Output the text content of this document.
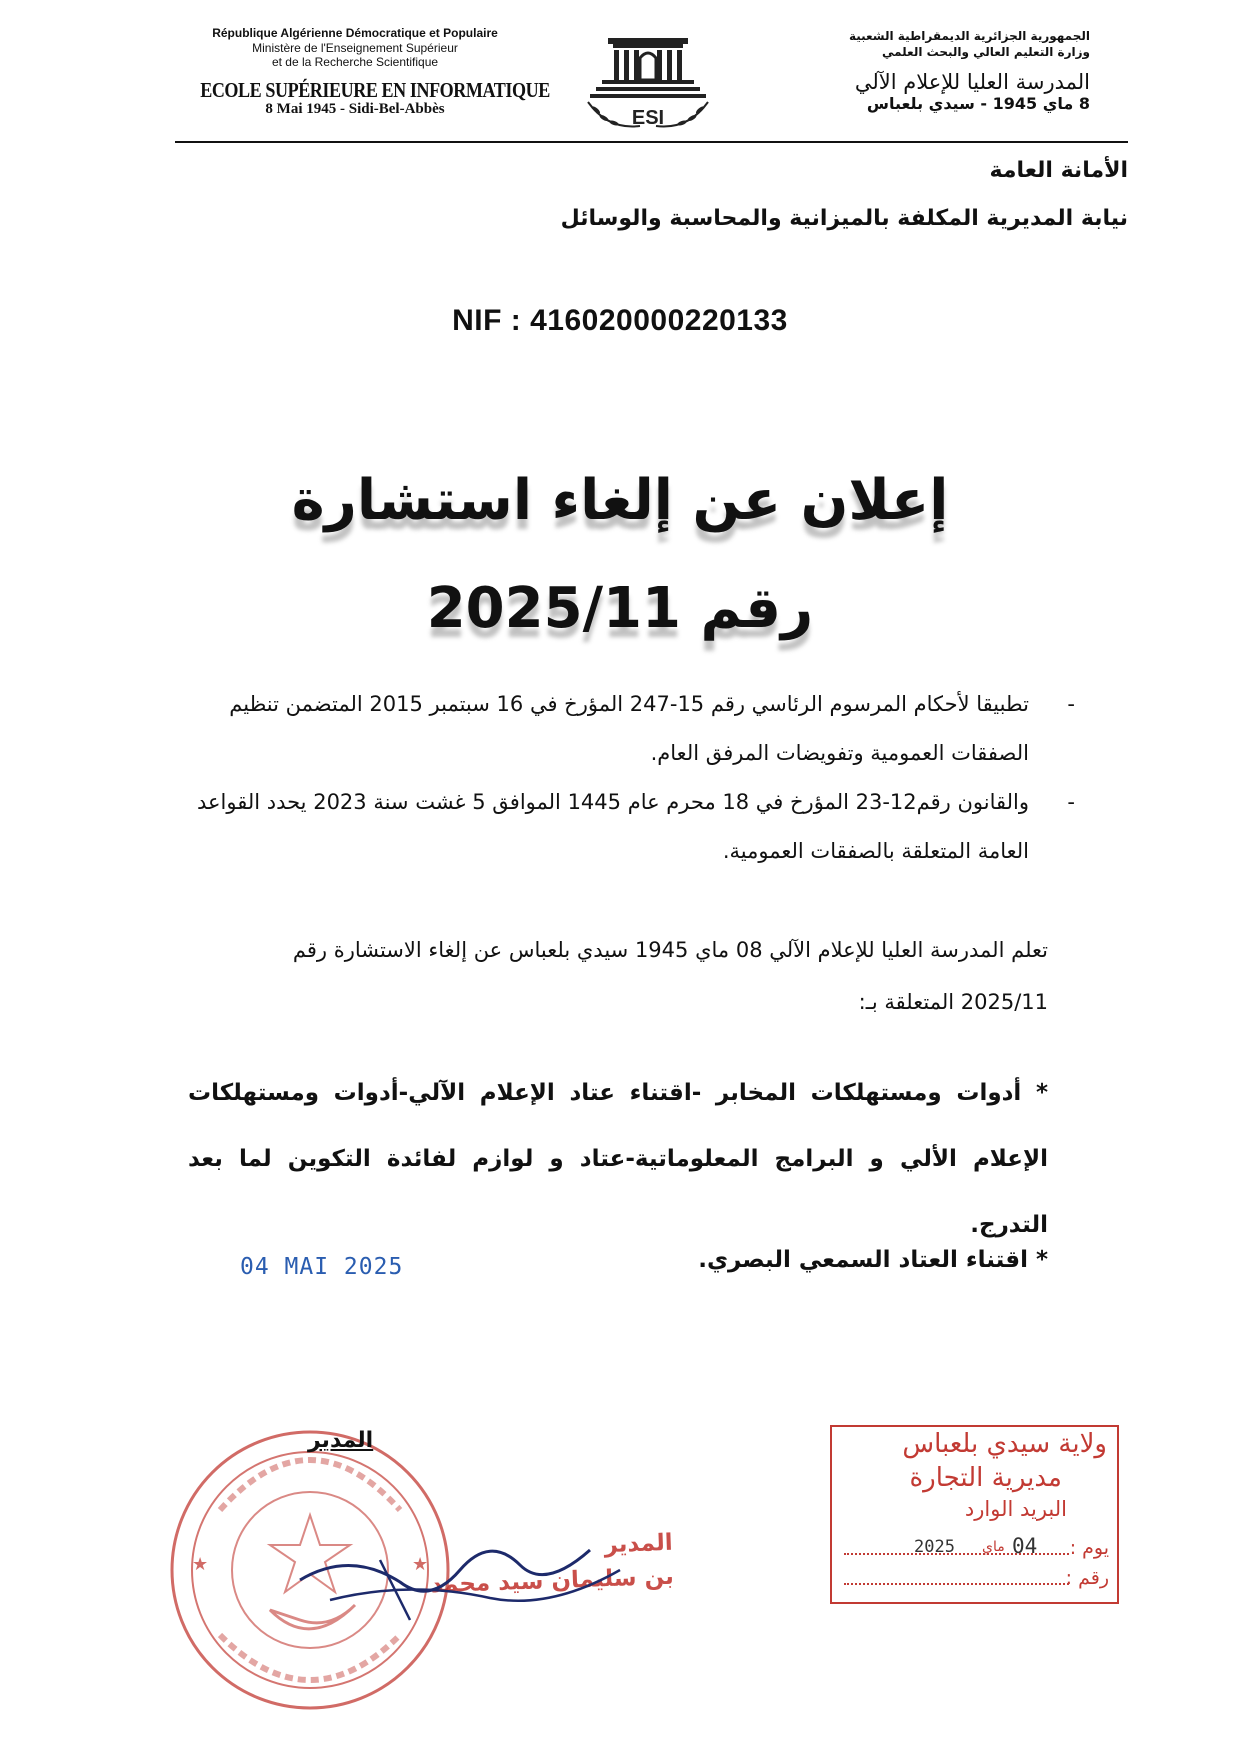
République Algérienne Démocratique et Populaire
Ministère de l'Enseignement Supérieur
et de la Recherche Scientifique
ECOLE SUPÉRIEURE EN INFORMATIQUE
8 Mai 1945 - Sidi-Bel-Abbès	ESI
الجمهورية الجزائرية الديمقراطية الشعبية
وزارة التعليم العالي والبحث العلمي
المدرسة العليا للإعلام الآلي
8 ماي 1945 - سيدي بلعباس
الأمانة العامة
نيابة المديرية المكلفة بالميزانية والمحاسبة والوسائل
NIF : 416020000220133
إعلان عن إلغاء استشارة
رقم 2025/11
-
تطبيقا لأحكام المرسوم الرئاسي رقم 15-247 المؤرخ في 16 سبتمبر 2015 المتضمن تنظيم الصفقات العمومية وتفويضات المرفق العام.
-
والقانون رقم12-23 المؤرخ في 18 محرم عام 1445 الموافق 5 غشت سنة 2023 يحدد القواعد العامة المتعلقة بالصفقات العمومية.
تعلم المدرسة العليا للإعلام الآلي 08 ماي 1945 سيدي بلعباس عن إلغاء الاستشارة رقم
2025/11 المتعلقة بـ:
* أدوات ومستهلكات المخابر -اقتناء عتاد الإعلام الآلي-أدوات ومستهلكات الإعلام الألي و البرامج المعلوماتية-عتاد و لوازم لفائدة التكوين لما بعد التدرج.
* اقتناء العتاد السمعي البصري.
04 MAI 2025
★	★
المدير
المدير
بن سليمان سيد محمد
ولاية سيدي بلعباس
مديرية التجارة
البريد الوارد
يوم :
2025 ماي 04
رقم :
